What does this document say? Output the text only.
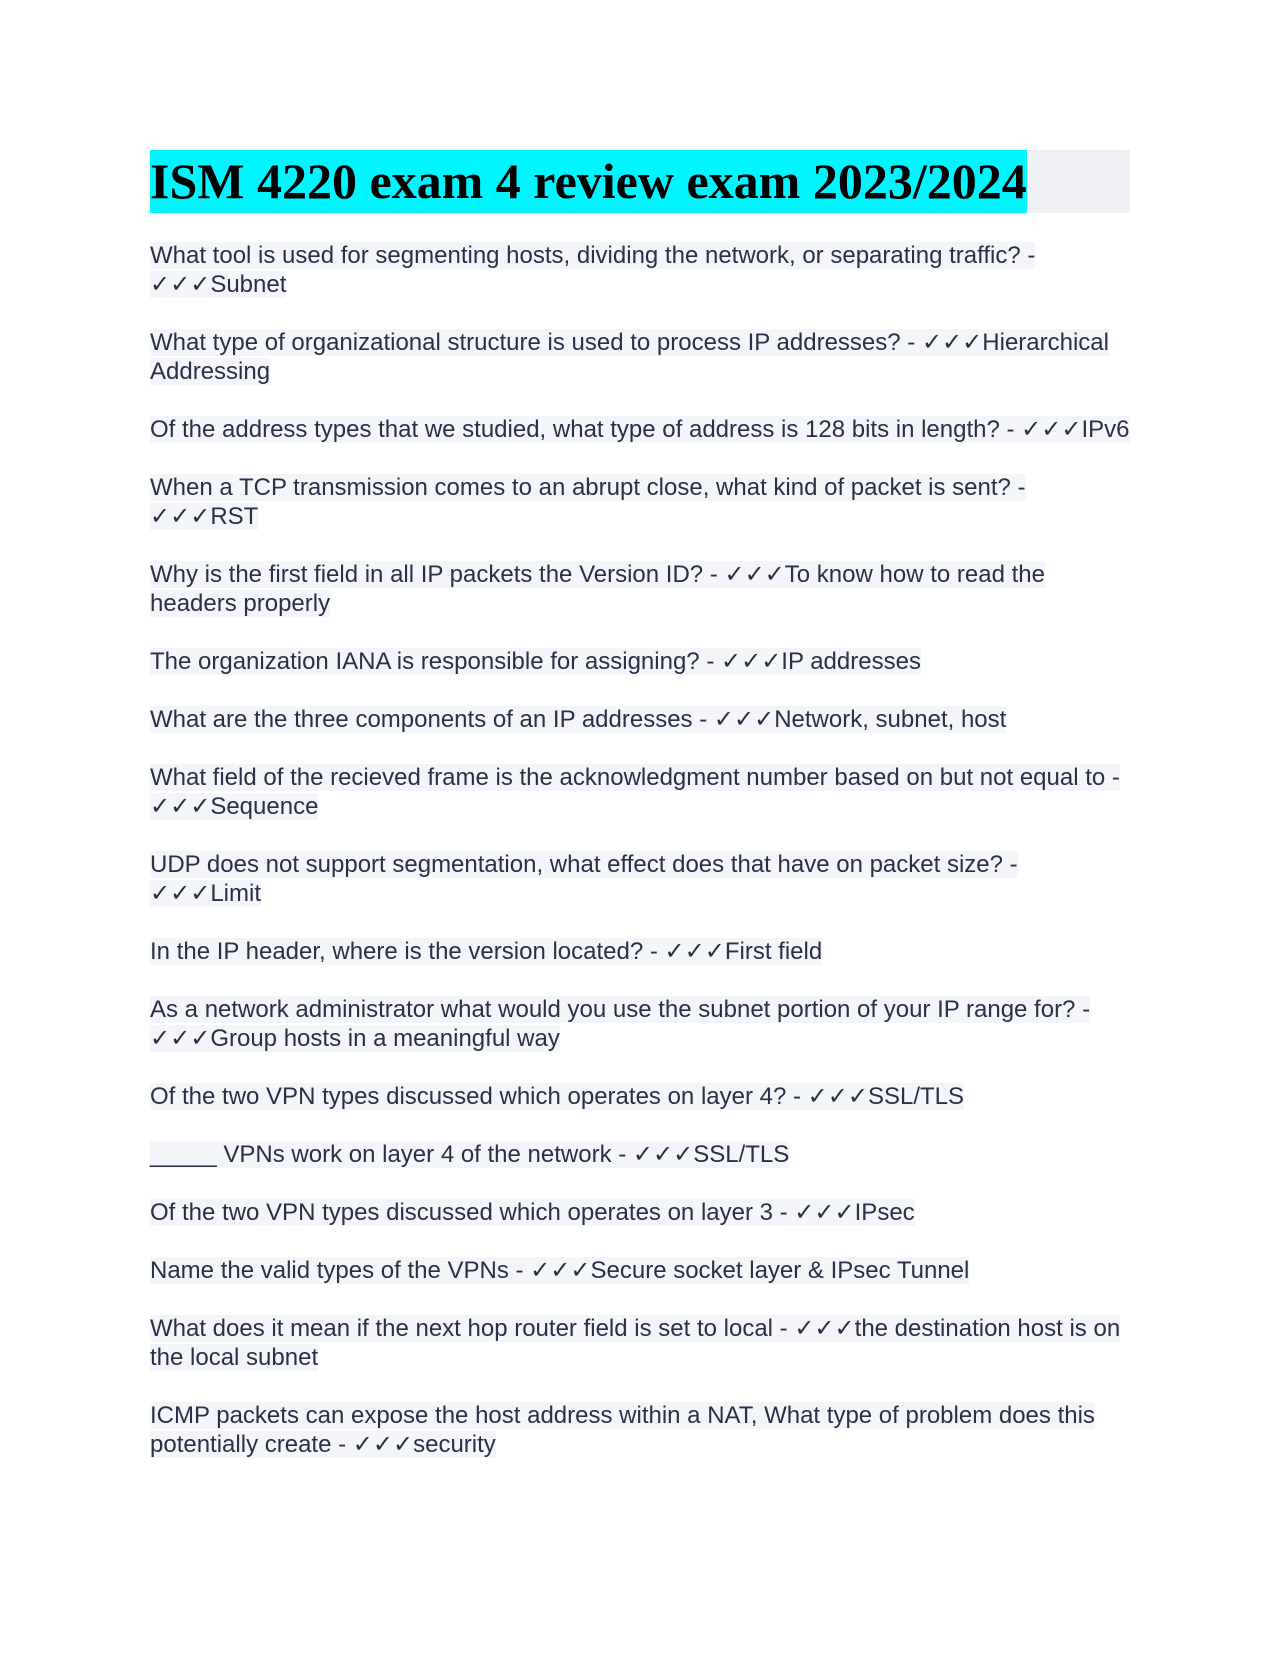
ISM 4220 exam 4 review exam 2023/2024

What tool is used for segmenting hosts, dividing the network, or separating traffic? - ✓✓✓Subnet

What type of organizational structure is used to process IP addresses? - ✓✓✓Hierarchical Addressing

Of the address types that we studied, what type of address is 128 bits in length? - ✓✓✓IPv6

When a TCP transmission comes to an abrupt close, what kind of packet is sent? - ✓✓✓RST

Why is the first field in all IP packets the Version ID? - ✓✓✓To know how to read the headers properly

The organization IANA is responsible for assigning? - ✓✓✓IP addresses

What are the three components of an IP addresses - ✓✓✓Network, subnet, host

What field of the recieved frame is the acknowledgment number based on but not equal to - ✓✓✓Sequence

UDP does not support segmentation, what effect does that have on packet size? - ✓✓✓Limit

In the IP header, where is the version located? - ✓✓✓First field

As a network administrator what would you use the subnet portion of your IP range for? - ✓✓✓Group hosts in a meaningful way

Of the two VPN types discussed which operates on layer 4? - ✓✓✓SSL/TLS

_____ VPNs work on layer 4 of the network - ✓✓✓SSL/TLS

Of the two VPN types discussed which operates on layer 3 - ✓✓✓IPsec

Name the valid types of the VPNs - ✓✓✓Secure socket layer & IPsec Tunnel

What does it mean if the next hop router field is set to local - ✓✓✓the destination host is on the local subnet

ICMP packets can expose the host address within a NAT, What type of problem does this potentially create - ✓✓✓security
